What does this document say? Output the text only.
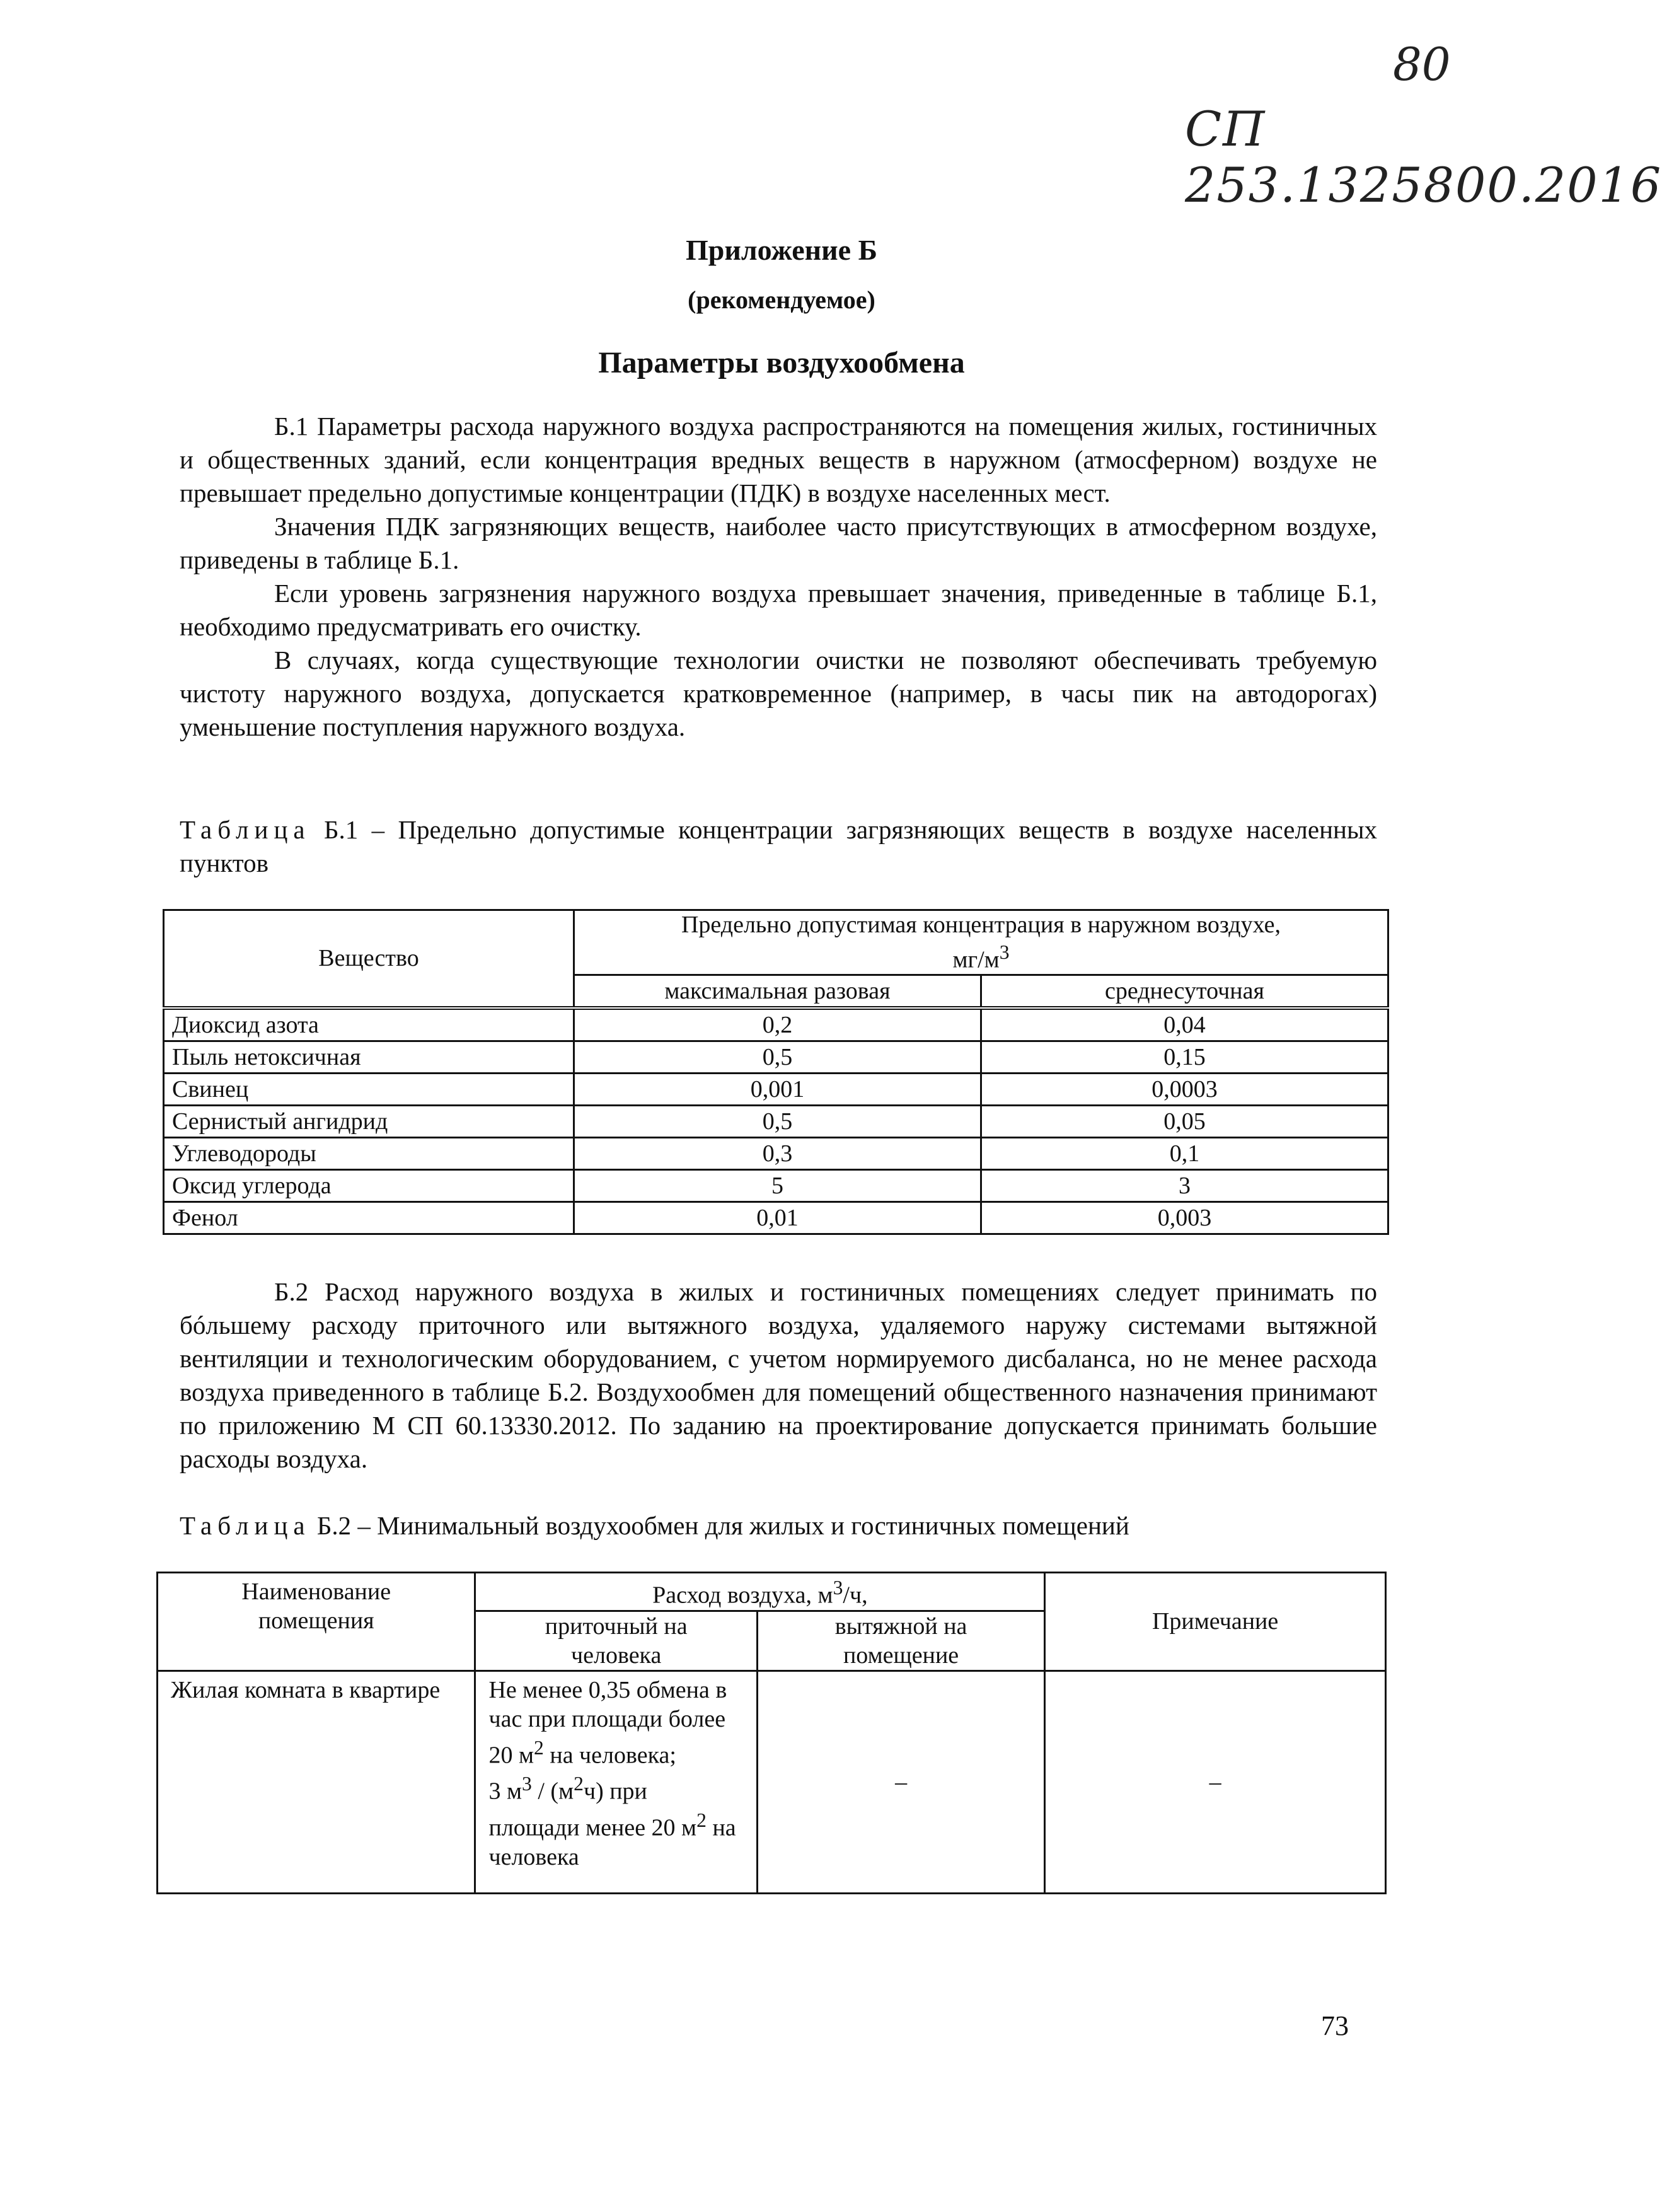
80
СП 253.1325800.2016
Приложение Б
(рекомендуемое)
Параметры воздухообмена

Б.1 Параметры расхода наружного воздуха распространяются на помещения жилых, гостиничных и общественных зданий, если концентрация вредных веществ в наружном (атмосферном) воздухе не превышает предельно допустимые концентрации (ПДК) в воздухе населенных мест.

Значения ПДК загрязняющих веществ, наиболее часто присутствующих в атмосферном воздухе, приведены в таблице Б.1.

Если уровень загрязнения наружного воздуха превышает значения, приведенные в таблице Б.1, необходимо предусматривать его очистку.

В случаях, когда существующие технологии очистки не позволяют обеспечивать требуемую чистоту наружного воздуха, допускается кратковременное (например, в часы пик на автодорогах) уменьшение поступления наружного воздуха.

Таблица Б.1 – Предельно допустимые концентрации загрязняющих веществ в воздухе населенных пунктов
Вещество	Предельно допустимая концентрация в наружном воздухе,
$мг/м^3$
	максимальная разовая	среднесуточная
Диоксид азота	0,2	0,04
Пыль нетоксичная	0,5	0,15
Свинец	0,001	0,0003
Сернистый ангидрид	0,5	0,05
Углеводороды	0,3	0,1
Оксид углерода	5	3
Фенол	0,01	0,003

Б.2 Расход наружного воздуха в жилых и гостиничных помещениях следует принимать по бóльшему расходу приточного или вытяжного воздуха, удаляемого наружу системами вытяжной вентиляции и технологическим оборудованием, с учетом нормируемого дисбаланса, но не менее расхода воздуха приведенного в таблице Б.2. Воздухообмен для помещений общественного назначения принимают по приложению М СП 60.13330.2012. По заданию на проектирование допускается принимать большие расходы воздуха.

Таблица Б.2 – Минимальный воздухообмен для жилых и гостиничных помещений
Наименование помещения	Расход воздуха, $м^3/ч$,		Примечание
	приточный на человека	вытяжной на помещение	
Жилая комната в квартире	Не менее 0,35 обмена в час при площади более 20 $м^2$ на человека;
3 $м^3 / (м^2ч)$ при площади менее 20 $м^2$ на человека	–	–
73
